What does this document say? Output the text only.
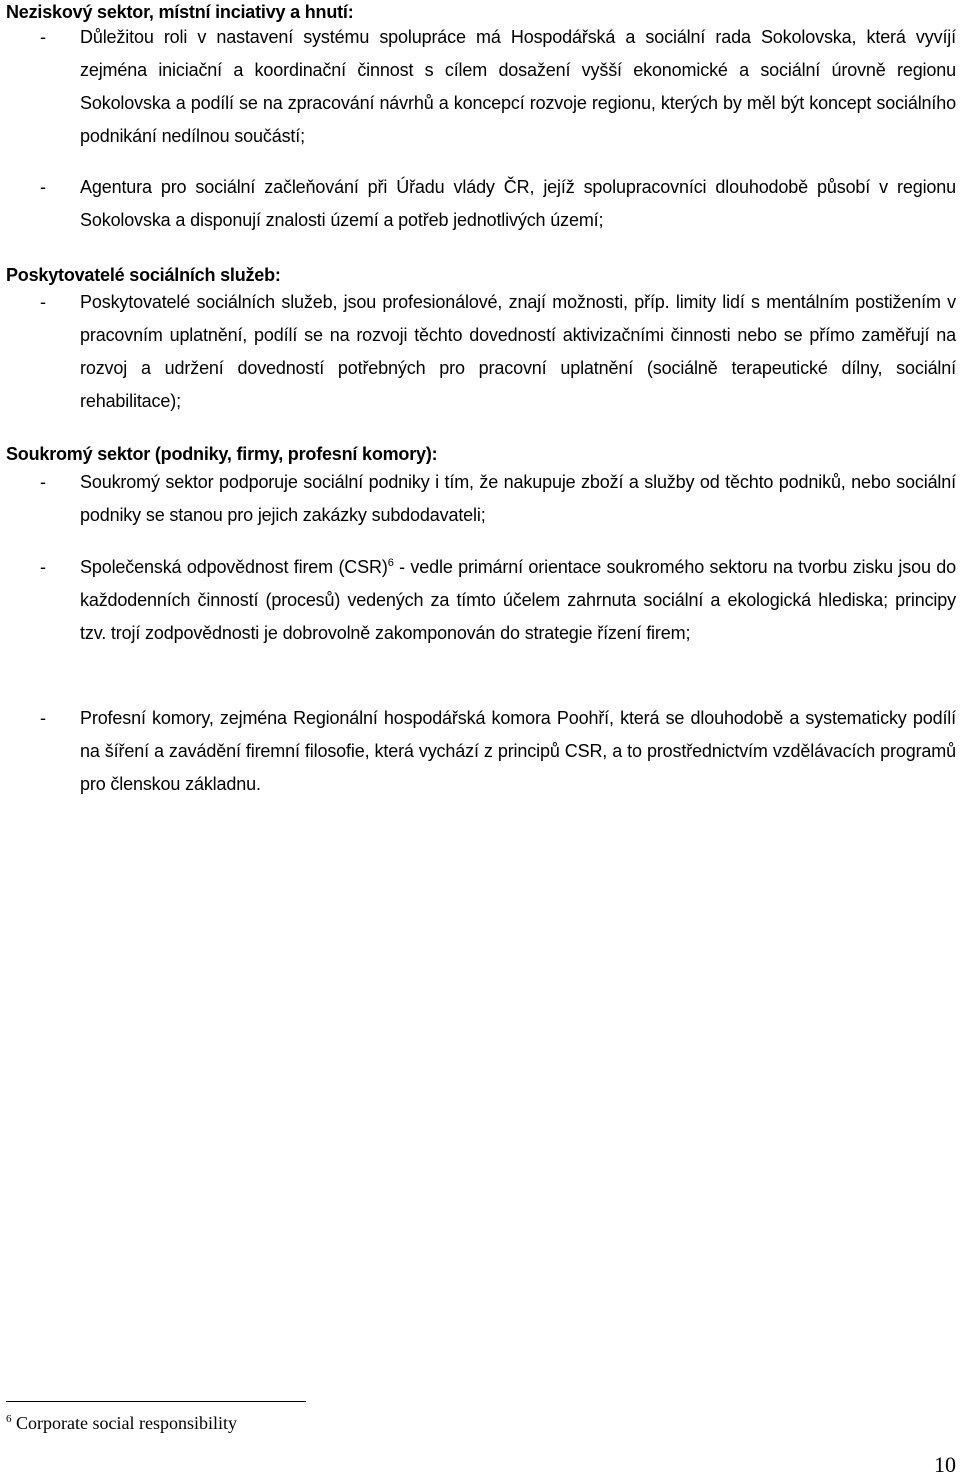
Neziskový sektor, místní inciativy a hnutí:
- Důležitou roli v nastavení systému spolupráce má Hospodářská a sociální rada Sokolovska, která vyvíjí zejména iniciační a koordinační činnost s cílem dosažení vyšší ekonomické a sociální úrovně regionu Sokolovska a podílí se na zpracování návrhů a koncepcí rozvoje regionu, kterých by měl být koncept sociálního podnikání nedílnou součástí;
- Agentura pro sociální začleňování při Úřadu vlády ČR, jejíž spolupracovníci dlouhodobě působí v regionu Sokolovska a disponují znalosti území a potřeb jednotlivých území;
Poskytovatelé sociálních služeb:
- Poskytovatelé sociálních služeb, jsou profesionálové, znají možnosti, příp. limity lidí s mentálním postižením v pracovním uplatnění, podílí se na rozvoji těchto dovedností aktivizačními činnosti nebo se přímo zaměřují na rozvoj a udržení dovedností potřebných pro pracovní uplatnění (sociálně terapeutické dílny, sociální rehabilitace);
Soukromý sektor (podniky, firmy, profesní komory):
- Soukromý sektor podporuje sociální podniky i tím, že nakupuje zboží a služby od těchto podniků, nebo sociální podniky se stanou pro jejich zakázky subdodavateli;
- Společenská odpovědnost firem (CSR)$^6$ - vedle primární orientace soukromého sektoru na tvorbu zisku jsou do každodenních činností (procesů) vedených za tímto účelem zahrnuta sociální a ekologická hlediska; principy tzv. trojí zodpovědnosti je dobrovolně zakomponován do strategie řízení firem;
- Profesní komory, zejména Regionální hospodářská komora Poohří, která se dlouhodobě a systematicky podílí na šíření a zavádění firemní filosofie, která vychází z principů CSR, a to prostřednictvím vzdělávacích programů pro členskou základnu.
$^6$ Corporate social responsibility
10
